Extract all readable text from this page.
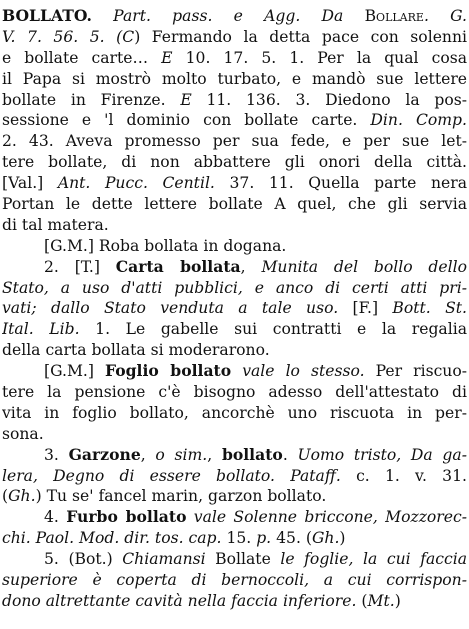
BOLLATO. Part. pass. e Agg. Da Bollare. G.
V. 7. 56. 5. (C) Fermando la detta pace con solenni
e bollate carte… E 10. 17. 5. 1. Per la qual cosa
il Papa si mostrò molto turbato, e mandò sue lettere
bollate in Firenze. E 11. 136. 3. Diedono la pos-
sessione e 'l dominio con bollate carte. Din. Comp.
2. 43. Aveva promesso per sua fede, e per sue let-
tere bollate, di non abbattere gli onori della città.
[Val.] Ant. Pucc. Centil. 37. 11. Quella parte nera
Portan le dette lettere bollate A quel, che gli servia
di tal matera.
[G.M.] Roba bollata in dogana.
2. [T.] Carta bollata, Munita del bollo dello
Stato, a uso d'atti pubblici, e anco di certi atti pri-
vati; dallo Stato venduta a tale uso. [F.] Bott. St.
Ital. Lib. 1. Le gabelle sui contratti e la regalia
della carta bollata si moderarono.
[G.M.] Foglio bollato vale lo stesso. Per riscuo-
tere la pensione c'è bisogno adesso dell'attestato di
vita in foglio bollato, ancorchè uno riscuota in per-
sona.
3. Garzone, o sim., bollato. Uomo tristo, Da ga-
lera, Degno di essere bollato. Pataff. c. 1. v. 31.
(Gh.) Tu se' fancel marin, garzon bollato.
4. Furbo bollato vale Solenne briccone, Mozzorec-
chi. Paol. Mod. dir. tos. cap. 15. p. 45. (Gh.)
5. (Bot.) Chiamansi Bollate le foglie, la cui faccia
superiore è coperta di bernoccoli, a cui corrispon-
dono altrettante cavità nella faccia inferiore. (Mt.)
